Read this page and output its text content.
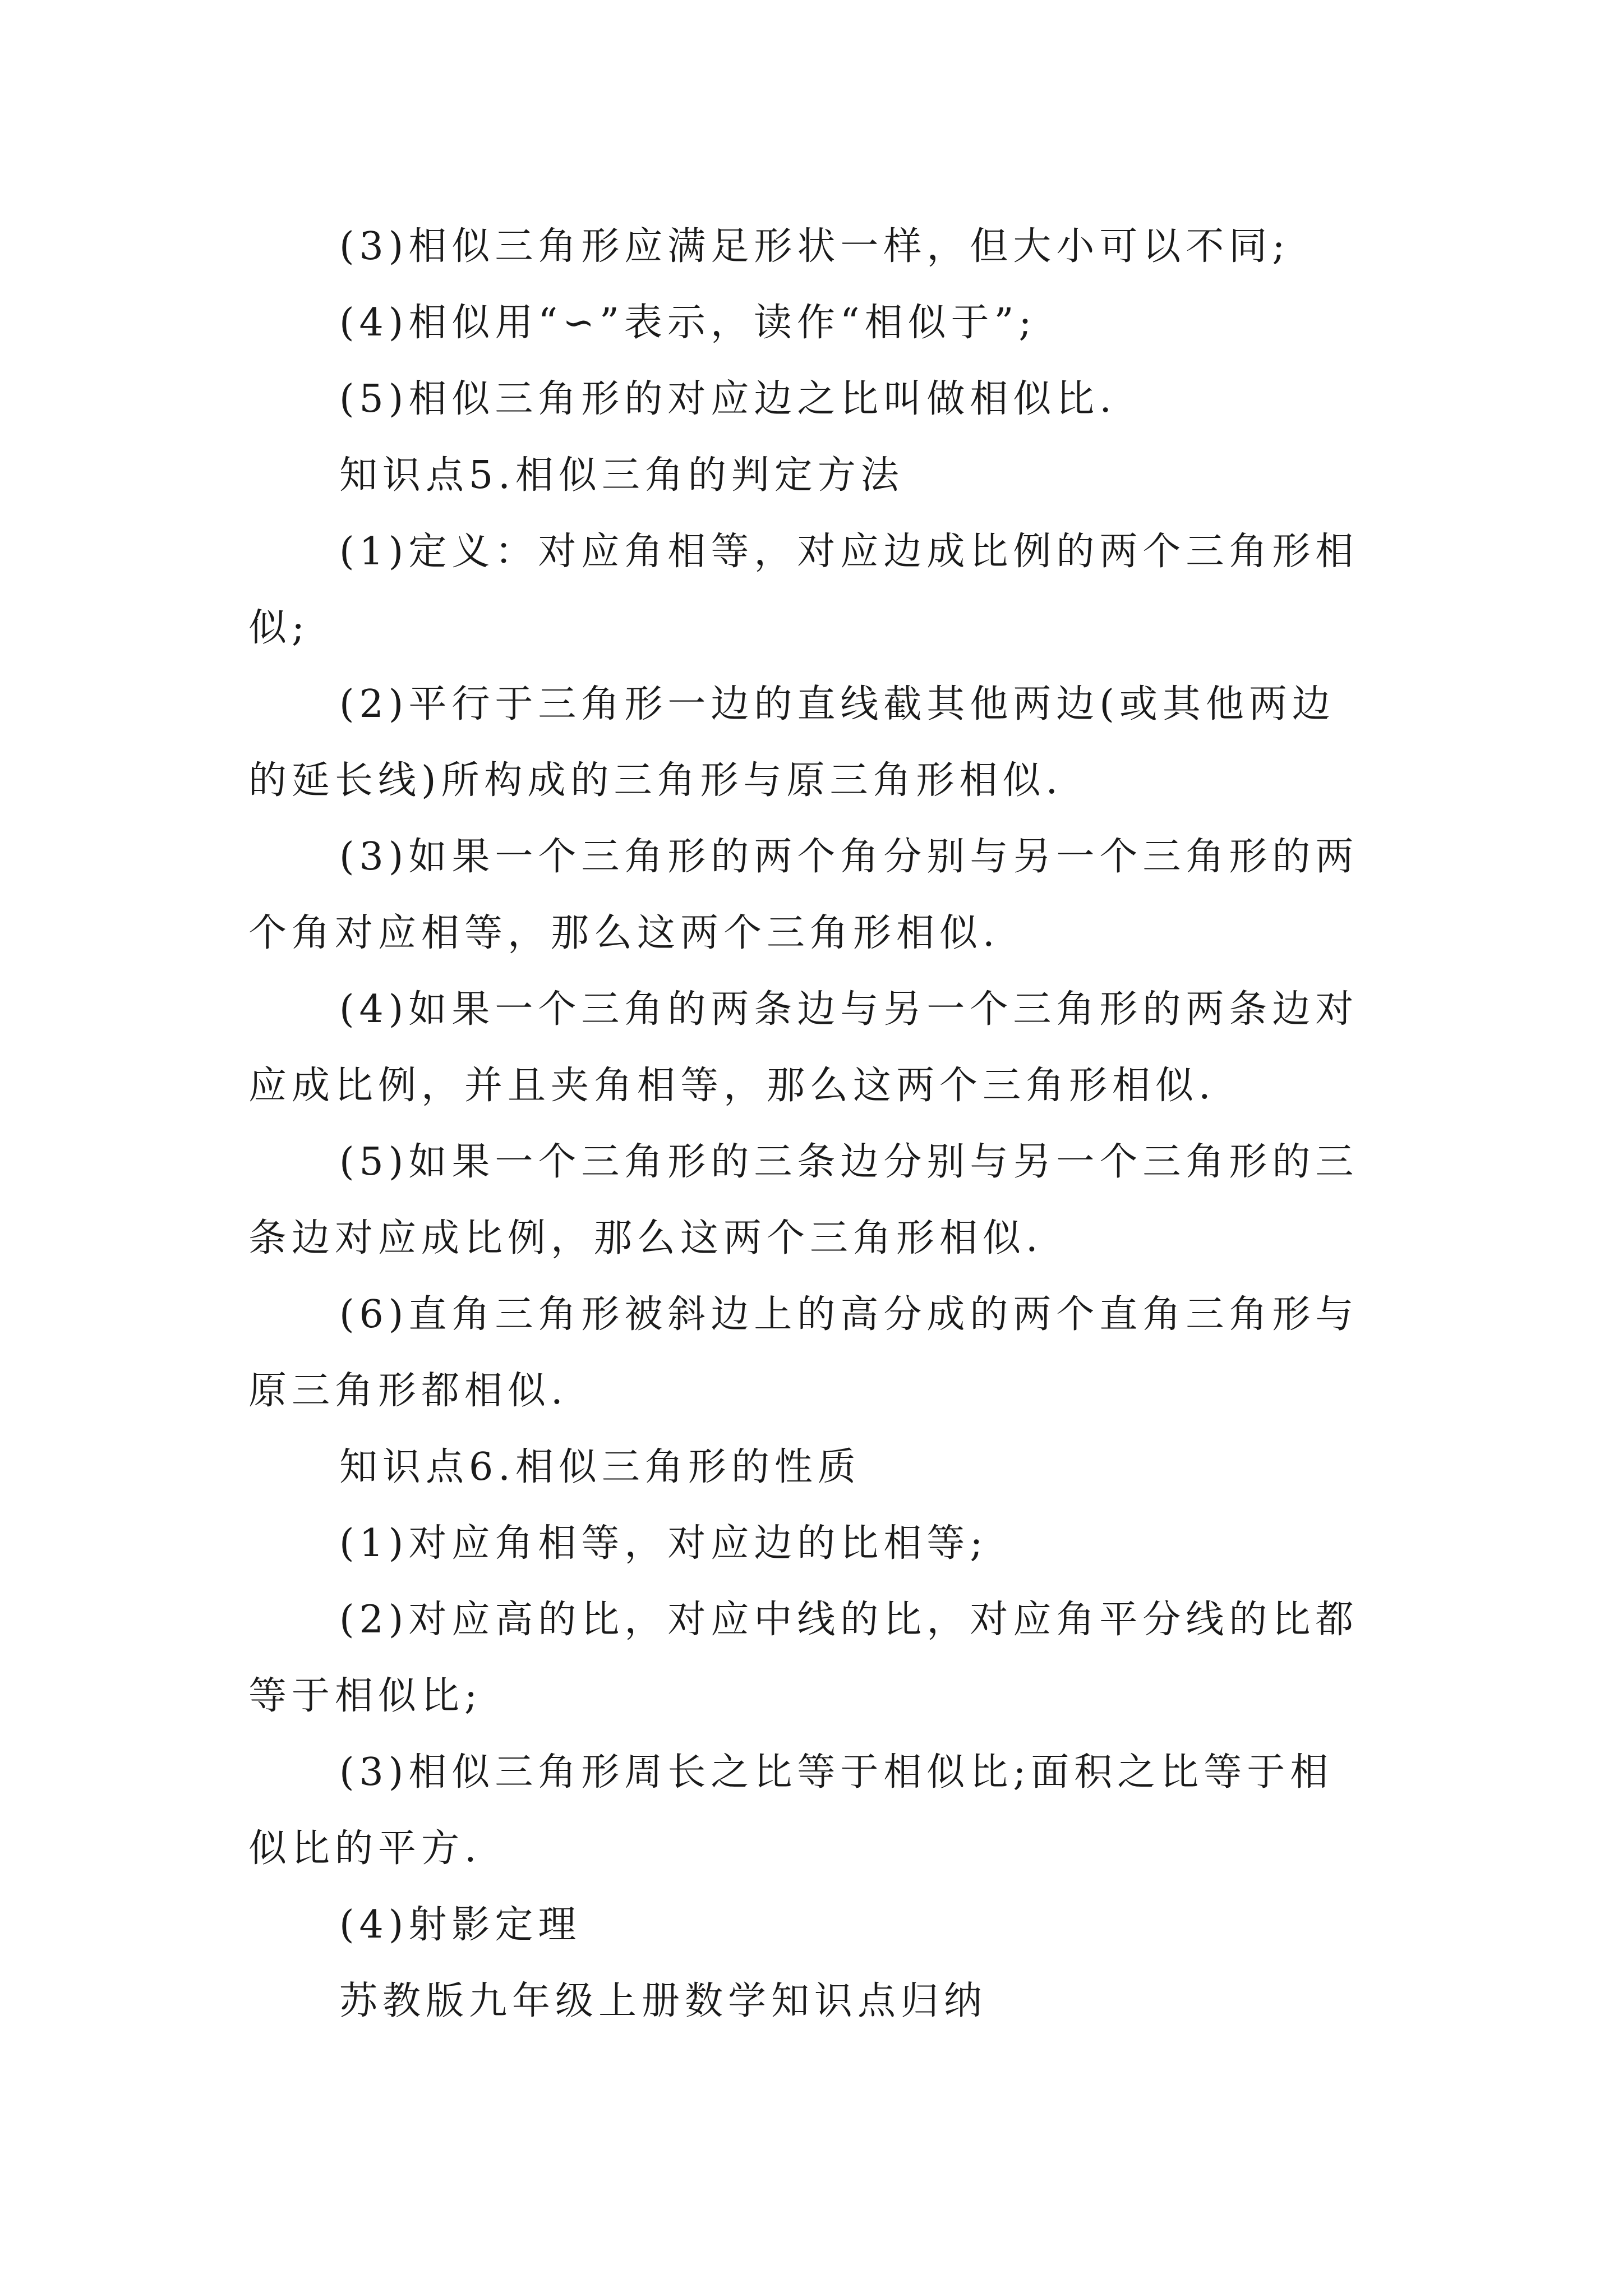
(3)相似三角形应满足形状一样，但大小可以不同;

(4)相似用“∽”表示，读作“相似于”;

(5)相似三角形的对应边之比叫做相似比.

知识点5.相似三角的判定方法

(1)定义：对应角相等，对应边成比例的两个三角形相似;

(2)平行于三角形一边的直线截其他两边(或其他两边的延长线)所构成的三角形与原三角形相似.

(3)如果一个三角形的两个角分别与另一个三角形的两个角对应相等，那么这两个三角形相似.

(4)如果一个三角的两条边与另一个三角形的两条边对应成比例，并且夹角相等，那么这两个三角形相似.

(5)如果一个三角形的三条边分别与另一个三角形的三条边对应成比例，那么这两个三角形相似.

(6)直角三角形被斜边上的高分成的两个直角三角形与原三角形都相似.

知识点6.相似三角形的性质

(1)对应角相等，对应边的比相等;

(2)对应高的比，对应中线的比，对应角平分线的比都等于相似比;

(3)相似三角形周长之比等于相似比;面积之比等于相似比的平方.

(4)射影定理

苏教版九年级上册数学知识点归纳
